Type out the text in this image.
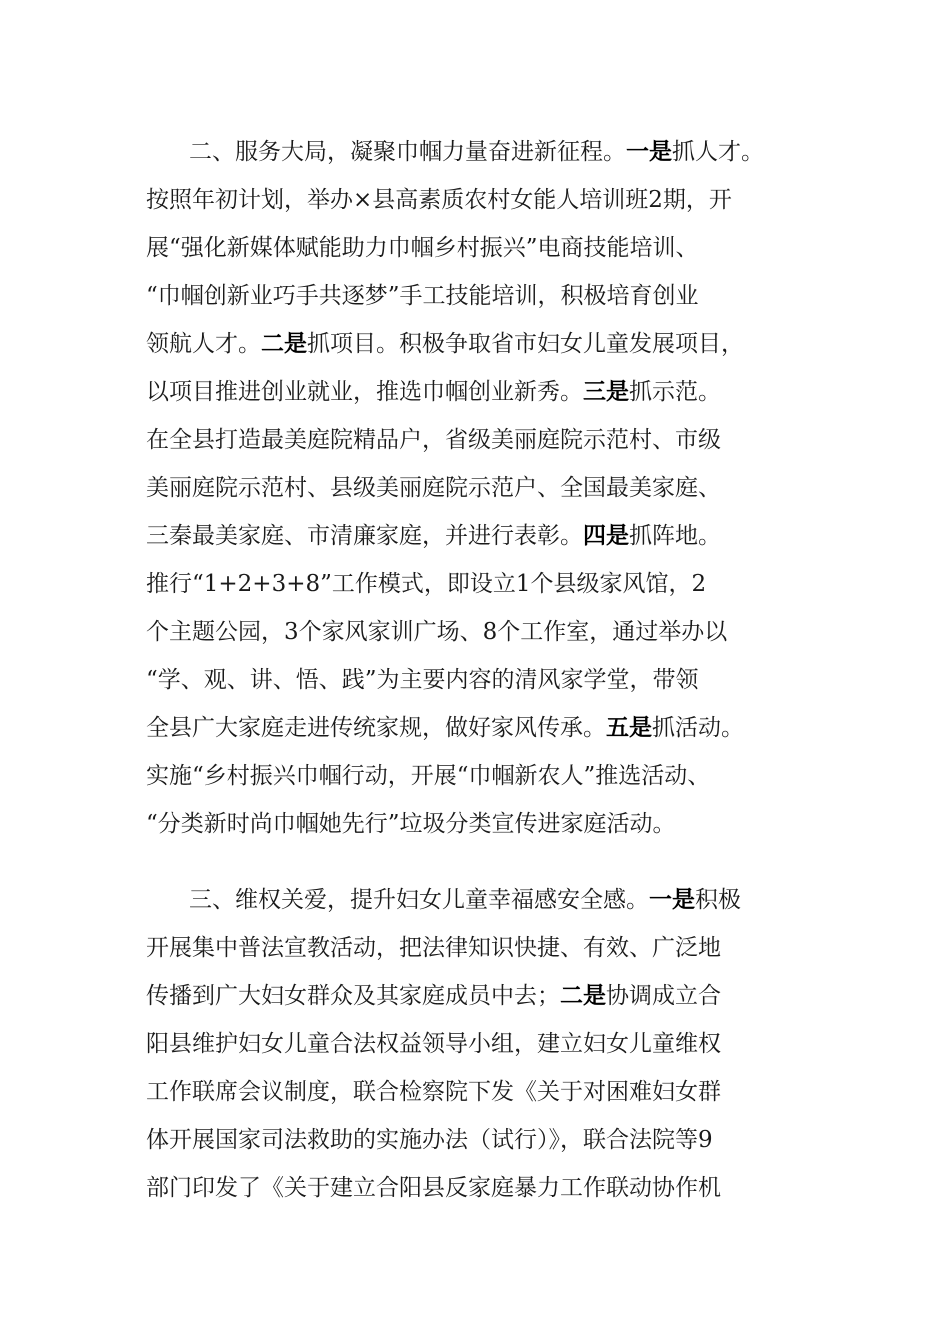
二、服务大局，凝聚巾帼力量奋进新征程。一是抓人才。
按照年初计划，举办×县高素质农村女能人培训班2期，开
展“强化新媒体赋能助力巾帼乡村振兴”电商技能培训、
“巾帼创新业巧手共逐梦”手工技能培训，积极培育创业
领航人才。二是抓项目。积极争取省市妇女儿童发展项目，
以项目推进创业就业，推选巾帼创业新秀。三是抓示范。
在全县打造最美庭院精品户，省级美丽庭院示范村、市级
美丽庭院示范村、县级美丽庭院示范户、全国最美家庭、
三秦最美家庭、市清廉家庭，并进行表彰。四是抓阵地。
推行“1+2+3+8”工作模式，即设立1个县级家风馆，2
个主题公园，3个家风家训广场、8个工作室，通过举办以
“学、观、讲、悟、践”为主要内容的清风家学堂，带领
全县广大家庭走进传统家规，做好家风传承。五是抓活动。
实施“乡村振兴巾帼行动，开展“巾帼新农人”推选活动、
“分类新时尚巾帼她先行”垃圾分类宣传进家庭活动。
三、维权关爱，提升妇女儿童幸福感安全感。一是积极
开展集中普法宣教活动，把法律知识快捷、有效、广泛地
传播到广大妇女群众及其家庭成员中去；二是协调成立合
阳县维护妇女儿童合法权益领导小组，建立妇女儿童维权
工作联席会议制度，联合检察院下发《关于对困难妇女群
体开展国家司法救助的实施办法（试行）》，联合法院等9
部门印发了《关于建立合阳县反家庭暴力工作联动协作机
